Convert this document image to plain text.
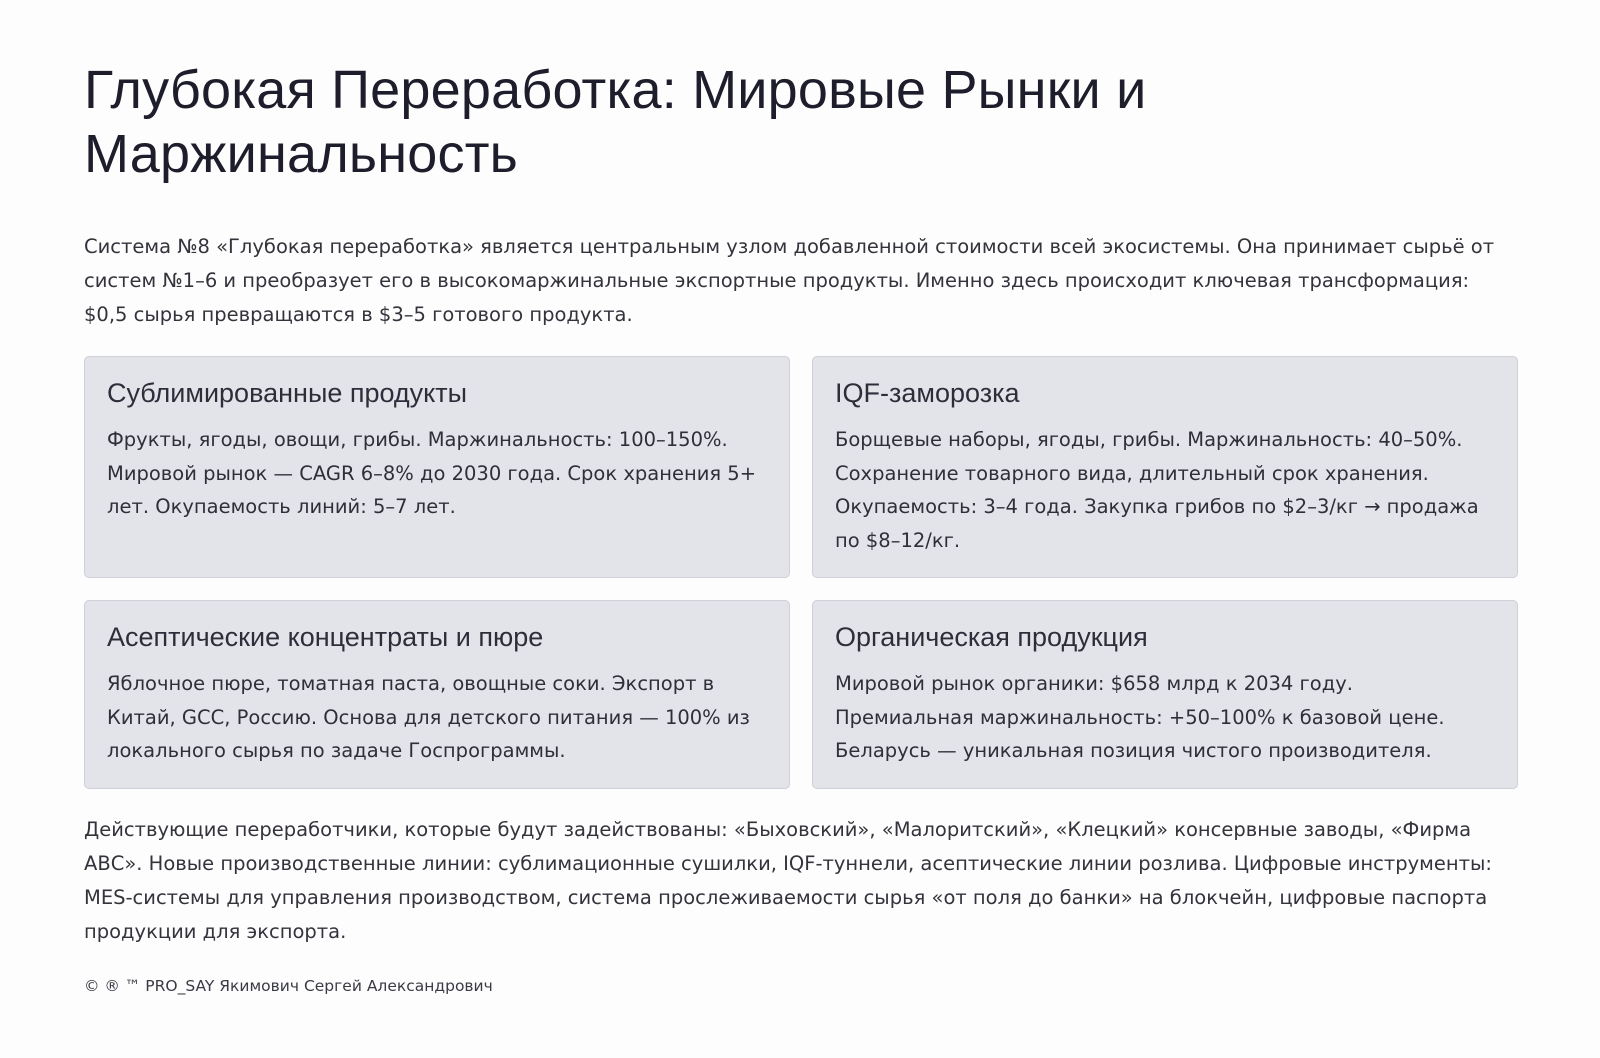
Глубокая Переработка: Мировые Рынки и Маржинальность

Система №8 «Глубокая переработка» является центральным узлом добавленной стоимости всей экосистемы. Она принимает сырьё от систем №1–6 и преобразует его в высокомаржинальные экспортные продукты. Именно здесь происходит ключевая трансформация: $0,5 сырья превращаются в $3–5 готового продукта.

Сублимированные продукты

Фрукты, ягоды, овощи, грибы. Маржинальность: 100–150%. Мировой рынок — CAGR 6–8% до 2030 года. Срок хранения 5+ лет. Окупаемость линий: 5–7 лет.

IQF-заморозка

Борщевые наборы, ягоды, грибы. Маржинальность: 40–50%. Сохранение товарного вида, длительный срок хранения. Окупаемость: 3–4 года. Закупка грибов по $2–3/кг → продажа по $8–12/кг.

Асептические концентраты и пюре

Яблочное пюре, томатная паста, овощные соки. Экспорт в Китай, GCC, Россию. Основа для детского питания — 100% из локального сырья по задаче Госпрограммы.

Органическая продукция

Мировой рынок органики: $658 млрд к 2034 году. Премиальная маржинальность: +50–100% к базовой цене. Беларусь — уникальная позиция чистого производителя.

Действующие переработчики, которые будут задействованы: «Быховский», «Малоритский», «Клецкий» консервные заводы, «Фирма АВС». Новые производственные линии: сублимационные сушилки, IQF-туннели, асептические линии розлива. Цифровые инструменты: MES-системы для управления производством, система прослеживаемости сырья «от поля до банки» на блокчейн, цифровые паспорта продукции для экспорта.

© ® ™ PRO_SAY Якимович Сергей Александрович
